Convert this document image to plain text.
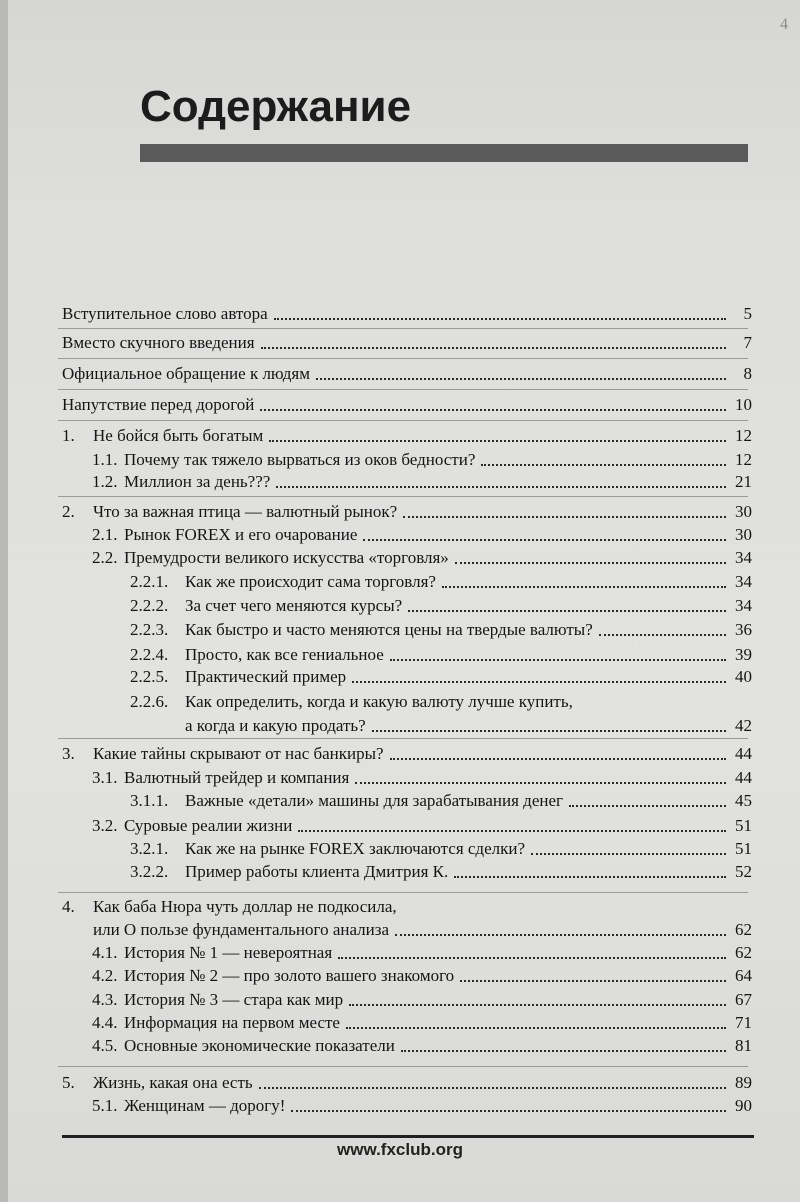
4
Содержание
Вступительное слово автора	5
Вместо скучного введения	7
Официальное обращение к людям	8
Напутствие перед дорогой	10
1. Не бойся быть богатым	12
1.1. Почему так тяжело вырваться из оков бедности?	12
1.2. Миллион за день???	21
2. Что за важная птица — валютный рынок?	30
2.1. Рынок FOREX и его очарование	30
2.2. Премудрости великого искусства «торговля»	34
2.2.1. Как же происходит сама торговля?	34
2.2.2. За счет чего меняются курсы?	34
2.2.3. Как быстро и часто меняются цены на твердые валюты?	36
2.2.4. Просто, как все гениальное	39
2.2.5. Практический пример	40
2.2.6. Как определить, когда и какую валюту лучше купить,
а когда и какую продать?	42
3. Какие тайны скрывают от нас банкиры?	44
3.1. Валютный трейдер и компания	44
3.1.1. Важные «детали» машины для зарабатывания денег	45
3.2. Суровые реалии жизни	51
3.2.1. Как же на рынке FOREX заключаются сделки?	51
3.2.2. Пример работы клиента Дмитрия К.	52
4. Как баба Нюра чуть доллар не подкосила,
или О пользе фундаментального анализа	62
4.1. История № 1 — невероятная	62
4.2. История № 2 — про золото вашего знакомого	64
4.3. История № 3 — стара как мир	67
4.4. Информация на первом месте	71
4.5. Основные экономические показатели	81
5. Жизнь, какая она есть	89
5.1. Женщинам — дорогу!	90
www.fxclub.org
